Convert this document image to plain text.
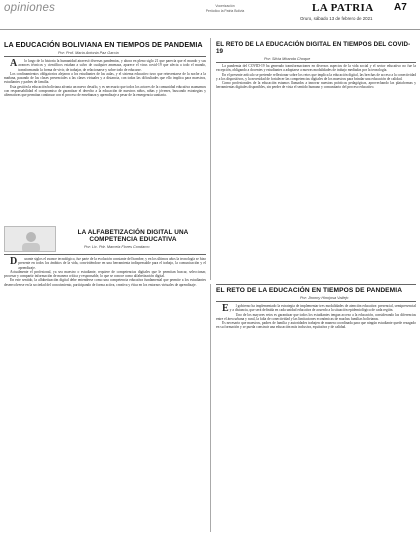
opiniones	Vocerización
Periódico la Patria Bolivia	LA PATRIA A7
Oruro, sábado 13 de febrero de 2021
LA EDUCACIÓN BOLIVIANA EN TIEMPOS DE PANDEMIA
Por: Prof. María Antonia Paz García

Alo largo de la historia la humanidad atravesó diversas pandemias, y ahora en pleno siglo 21 que parecía que el mundo y sus avances técnicos y científicos estaban a salvo de cualquier amenaza, aparece el virus covid-19 que afecta a todo el mundo, transformando la forma de vivir, de trabajar, de relacionarse y sobre todo de educarse.

Los confinamientos obligatorios alejaron a los estudiantes de las aulas, y el sistema educativo tuvo que reinventarse de la noche a la mañana, pasando de las clases presenciales a las clases virtuales y a distancia, con todas las dificultades que ello implica para maestros, estudiantes y padres de familia.

Esta gestión la educación boliviana afronta un nuevo desafío, y es necesario que todos los actores de la comunidad educativa asumamos con responsabilidad el compromiso de garantizar el derecho a la educación de nuestros niños, niñas y jóvenes, buscando estrategias y alternativas que permitan continuar con el proceso de enseñanza y aprendizaje a pesar de la emergencia sanitaria.

EL RETO DE LA EDUCACIÓN DIGITAL EN TIEMPOS DEL COVID-19
Por: Silvia Miranda Choque

La pandemia del COVID-19 ha generado transformaciones en diversos aspectos de la vida social y el sector educativo no fue la excepción, obligando a docentes y estudiantes a adaptarse a nuevas modalidades de trabajo mediadas por la tecnología.

En el presente artículo se pretende reflexionar sobre los retos que implica la educación digital, las brechas de acceso a la conectividad y a los dispositivos, y la necesidad de fortalecer las competencias digitales de los maestros para brindar una educación de calidad.

Como profesionales de la educación estamos llamados a innovar nuestras prácticas pedagógicas, aprovechando las plataformas y herramientas digitales disponibles, sin perder de vista el sentido humano y comunitario del proceso educativo.

LA ALFABETIZACIÓN DIGITAL UNA COMPETENCIA EDUCATIVA
Por: Lic. Pdr. Marcela Flores Condarco

Durante siglos el avance tecnológico, fue parte de la evolución constante del hombre, y en los últimos años la tecnología se hizo presente en todos los ámbitos de la vida, convirtiéndose en una herramienta indispensable para el trabajo, la comunicación y el aprendizaje.

Actualmente el profesional, ya sea maestro o estudiante, requiere de competencias digitales que le permitan buscar, seleccionar, procesar y compartir información de manera crítica y responsable, lo que se conoce como alfabetización digital.

En este sentido, la alfabetización digital debe entenderse como una competencia educativa fundamental que permite a los estudiantes desenvolverse en la sociedad del conocimiento, participando de forma activa, creativa y ética en los entornos virtuales de aprendizaje.

EL RETO DE LA EDUCACIÓN EN TIEMPOS DE PANDEMIA
Por: Jhonny Hinojosa Vallejo

El gobierno ha implementado la estrategia de implementar tres modalidades de atención educativa: presencial, semipresencial y a distancia, que será definida en cada unidad educativa de acuerdo a la situación epidemiológica de cada región.

Uno de los mayores retos es garantizar que todos los estudiantes tengan acceso a la educación, considerando las diferencias entre el área urbana y rural, la falta de conectividad y las limitaciones económicas de muchas familias bolivianas.

Es necesario que maestros, padres de familia y autoridades trabajen de manera coordinada para que ningún estudiante quede rezagado en su formación y se pueda construir una educación más inclusiva, equitativa y de calidad.
